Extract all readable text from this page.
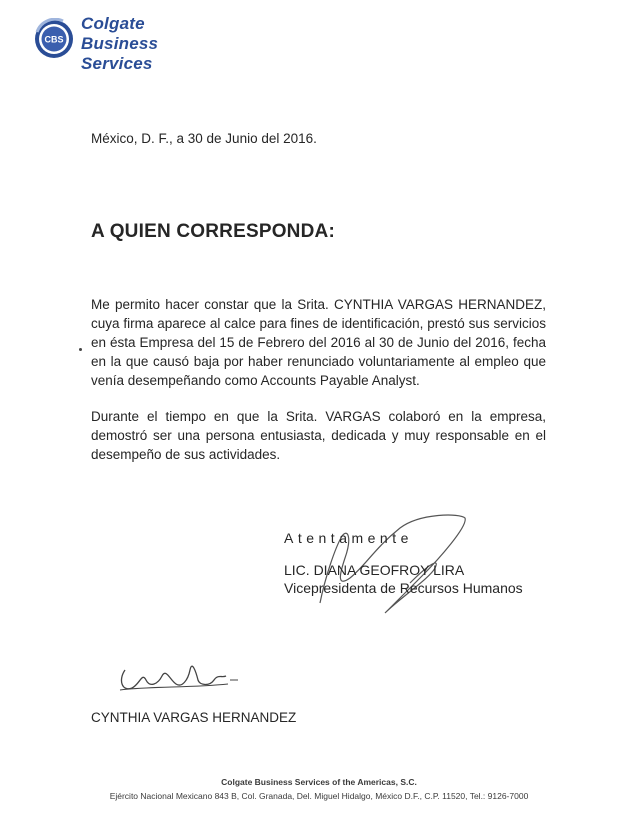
CBS
Colgate
Business Services
México, D. F., a 30 de Junio del 2016.
A QUIEN CORRESPONDA:
Me permito hacer constar que la Srita. CYNTHIA VARGAS HERNANDEZ, cuya firma aparece al calce para fines de identificación, prestó sus servicios en ésta Empresa del 15 de Febrero del 2016 al 30 de Junio del 2016, fecha en la que causó baja por haber renunciado voluntariamente al empleo que venía desempeñando como Accounts Payable Analyst.
Durante el tiempo en que la Srita. VARGAS colaboró en la empresa, demostró ser una persona entusiasta, dedicada y muy responsable en el desempeño de sus actividades.
Atentamente
LIC. DIANA GEOFROY LIRA
Vicepresidenta de Recursos Humanos
CYNTHIA VARGAS HERNANDEZ
Colgate Business Services of the Americas, S.C.
Ejército Nacional Mexicano 843 B, Col. Granada, Del. Miguel Hidalgo, México D.F., C.P. 11520, Tel.: 9126-7000
